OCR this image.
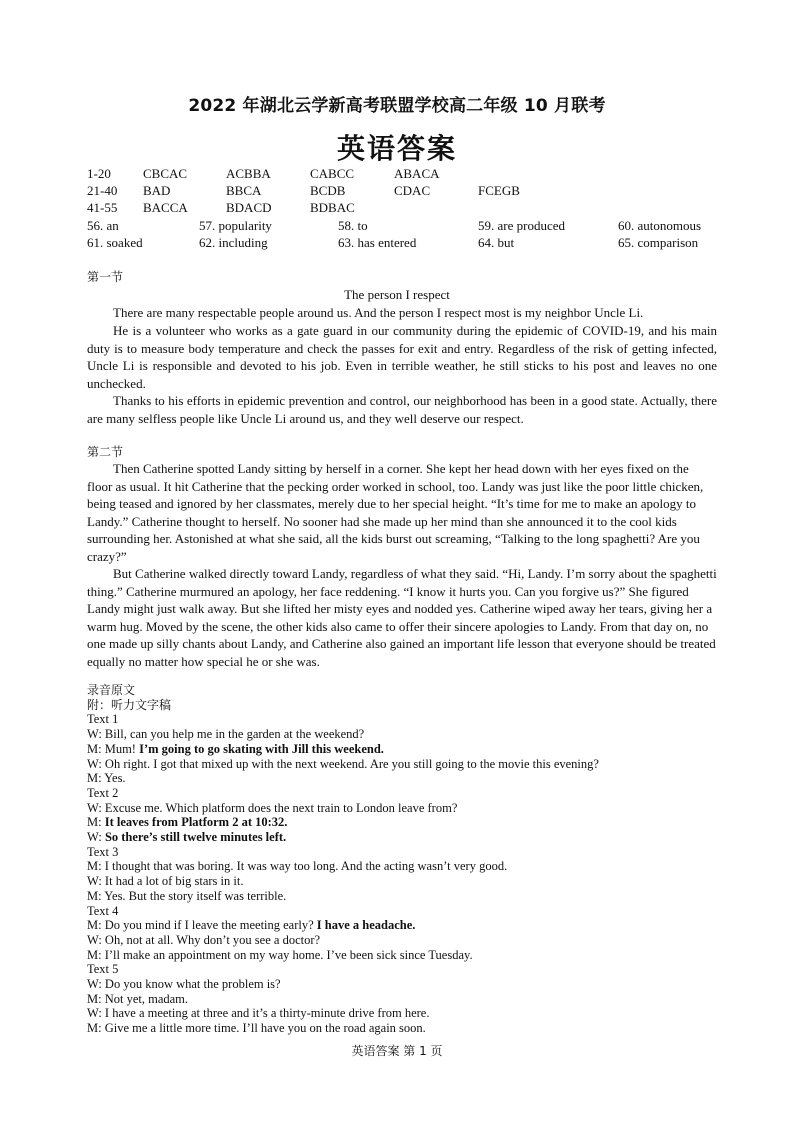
2022 年湖北云学新高考联盟学校高二年级 10 月联考
英语答案
1-20 CBCAC	ACBBA	CABCC	ABACA
21-40 BAD	BBCA	BCDB	CDAC	FCEGB
41-55 BACCA	BDACD	BDBAC
56. an	57. popularity	58. to	59. are produced	60. autonomous
61. soaked	62. including	63. has entered	64. but	65. comparison
第一节
The person I respect

There are many respectable people around us. And the person I respect most is my neighbor Uncle Li.

He is a volunteer who works as a gate guard in our community during the epidemic of COVID-19, and his main duty is to measure body temperature and check the passes for exit and entry. Regardless of the risk of getting infected, Uncle Li is responsible and devoted to his job. Even in terrible weather, he still sticks to his post and leaves no one unchecked.

Thanks to his efforts in epidemic prevention and control, our neighborhood has been in a good state. Actually, there are many selfless people like Uncle Li around us, and they well deserve our respect.

第二节

Then Catherine spotted Landy sitting by herself in a corner. She kept her head down with her eyes fixed on the floor as usual. It hit Catherine that the pecking order worked in school, too. Landy was just like the poor little chicken, being teased and ignored by her classmates, merely due to her special height. “It’s time for me to make an apology to Landy.” Catherine thought to herself. No sooner had she made up her mind than she announced it to the cool kids surrounding her. Astonished at what she said, all the kids burst out screaming, “Talking to the long spaghetti? Are you crazy?”

But Catherine walked directly toward Landy, regardless of what they said. “Hi, Landy. I’m sorry about the spaghetti thing.” Catherine murmured an apology, her face reddening. “I know it hurts you. Can you forgive us?” She figured Landy might just walk away. But she lifted her misty eyes and nodded yes. Catherine wiped away her tears, giving her a warm hug. Moved by the scene, the other kids also came to offer their sincere apologies to Landy. From that day on, no one made up silly chants about Landy, and Catherine also gained an important life lesson that everyone should be treated equally no matter how special he or she was.

录音原文
附：听力文字稿
Text 1
W: Bill, can you help me in the garden at the weekend?
M: Mum! I’m going to go skating with Jill this weekend.
W: Oh right. I got that mixed up with the next weekend. Are you still going to the movie this evening?
M: Yes.
Text 2
W: Excuse me. Which platform does the next train to London leave from?
M: It leaves from Platform 2 at 10:32.
W: So there’s still twelve minutes left.
Text 3
M: I thought that was boring. It was way too long. And the acting wasn’t very good.
W: It had a lot of big stars in it.
M: Yes. But the story itself was terrible.
Text 4
M: Do you mind if I leave the meeting early? I have a headache.
W: Oh, not at all. Why don’t you see a doctor?
M: I’ll make an appointment on my way home. I’ve been sick since Tuesday.
Text 5
W: Do you know what the problem is?
M: Not yet, madam.
W: I have a meeting at three and it’s a thirty-minute drive from here.
M: Give me a little more time. I’ll have you on the road again soon.
英语答案 第 1 页
